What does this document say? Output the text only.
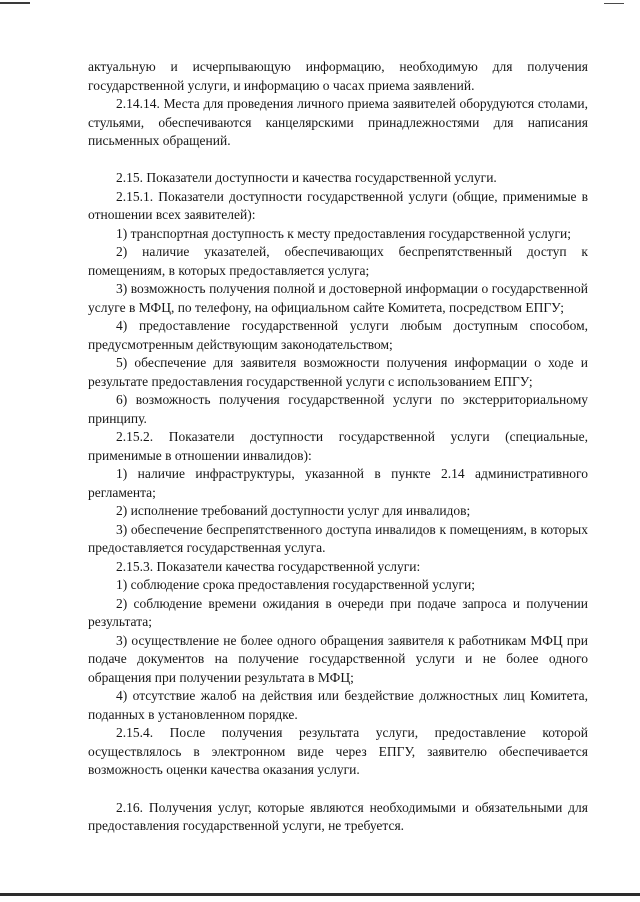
актуальную и исчерпывающую информацию, необходимую для получения государственной услуги, и информацию о часах приема заявлений.

2.14.14. Места для проведения личного приема заявителей оборудуются столами, стульями, обеспечиваются канцелярскими принадлежностями для написания письменных обращений.

2.15. Показатели доступности и качества государственной услуги.

2.15.1. Показатели доступности государственной услуги (общие, применимые в отношении всех заявителей):

1) транспортная доступность к месту предоставления государственной услуги;

2) наличие указателей, обеспечивающих беспрепятственный доступ к помещениям, в которых предоставляется услуга;

3) возможность получения полной и достоверной информации о государственной услуге в МФЦ, по телефону, на официальном сайте Комитета, посредством ЕПГУ;

4) предоставление государственной услуги любым доступным способом, предусмотренным действующим законодательством;

5) обеспечение для заявителя возможности получения информации о ходе и результате предоставления государственной услуги с использованием ЕПГУ;

6) возможность получения государственной услуги по экстерриториальному принципу.

2.15.2. Показатели доступности государственной услуги (специальные, применимые в отношении инвалидов):

1) наличие инфраструктуры, указанной в пункте 2.14 административного регламента;

2) исполнение требований доступности услуг для инвалидов;

3) обеспечение беспрепятственного доступа инвалидов к помещениям, в которых предоставляется государственная услуга.

2.15.3. Показатели качества государственной услуги:

1) соблюдение срока предоставления государственной услуги;

2) соблюдение времени ожидания в очереди при подаче запроса и получении результата;

3) осуществление не более одного обращения заявителя к работникам МФЦ при подаче документов на получение государственной услуги и не более одного обращения при получении результата в МФЦ;

4) отсутствие жалоб на действия или бездействие должностных лиц Комитета, поданных в установленном порядке.

2.15.4. После получения результата услуги, предоставление которой осуществлялось в электронном виде через ЕПГУ, заявителю обеспечивается возможность оценки качества оказания услуги.

2.16. Получения услуг, которые являются необходимыми и обязательными для предоставления государственной услуги, не требуется.
